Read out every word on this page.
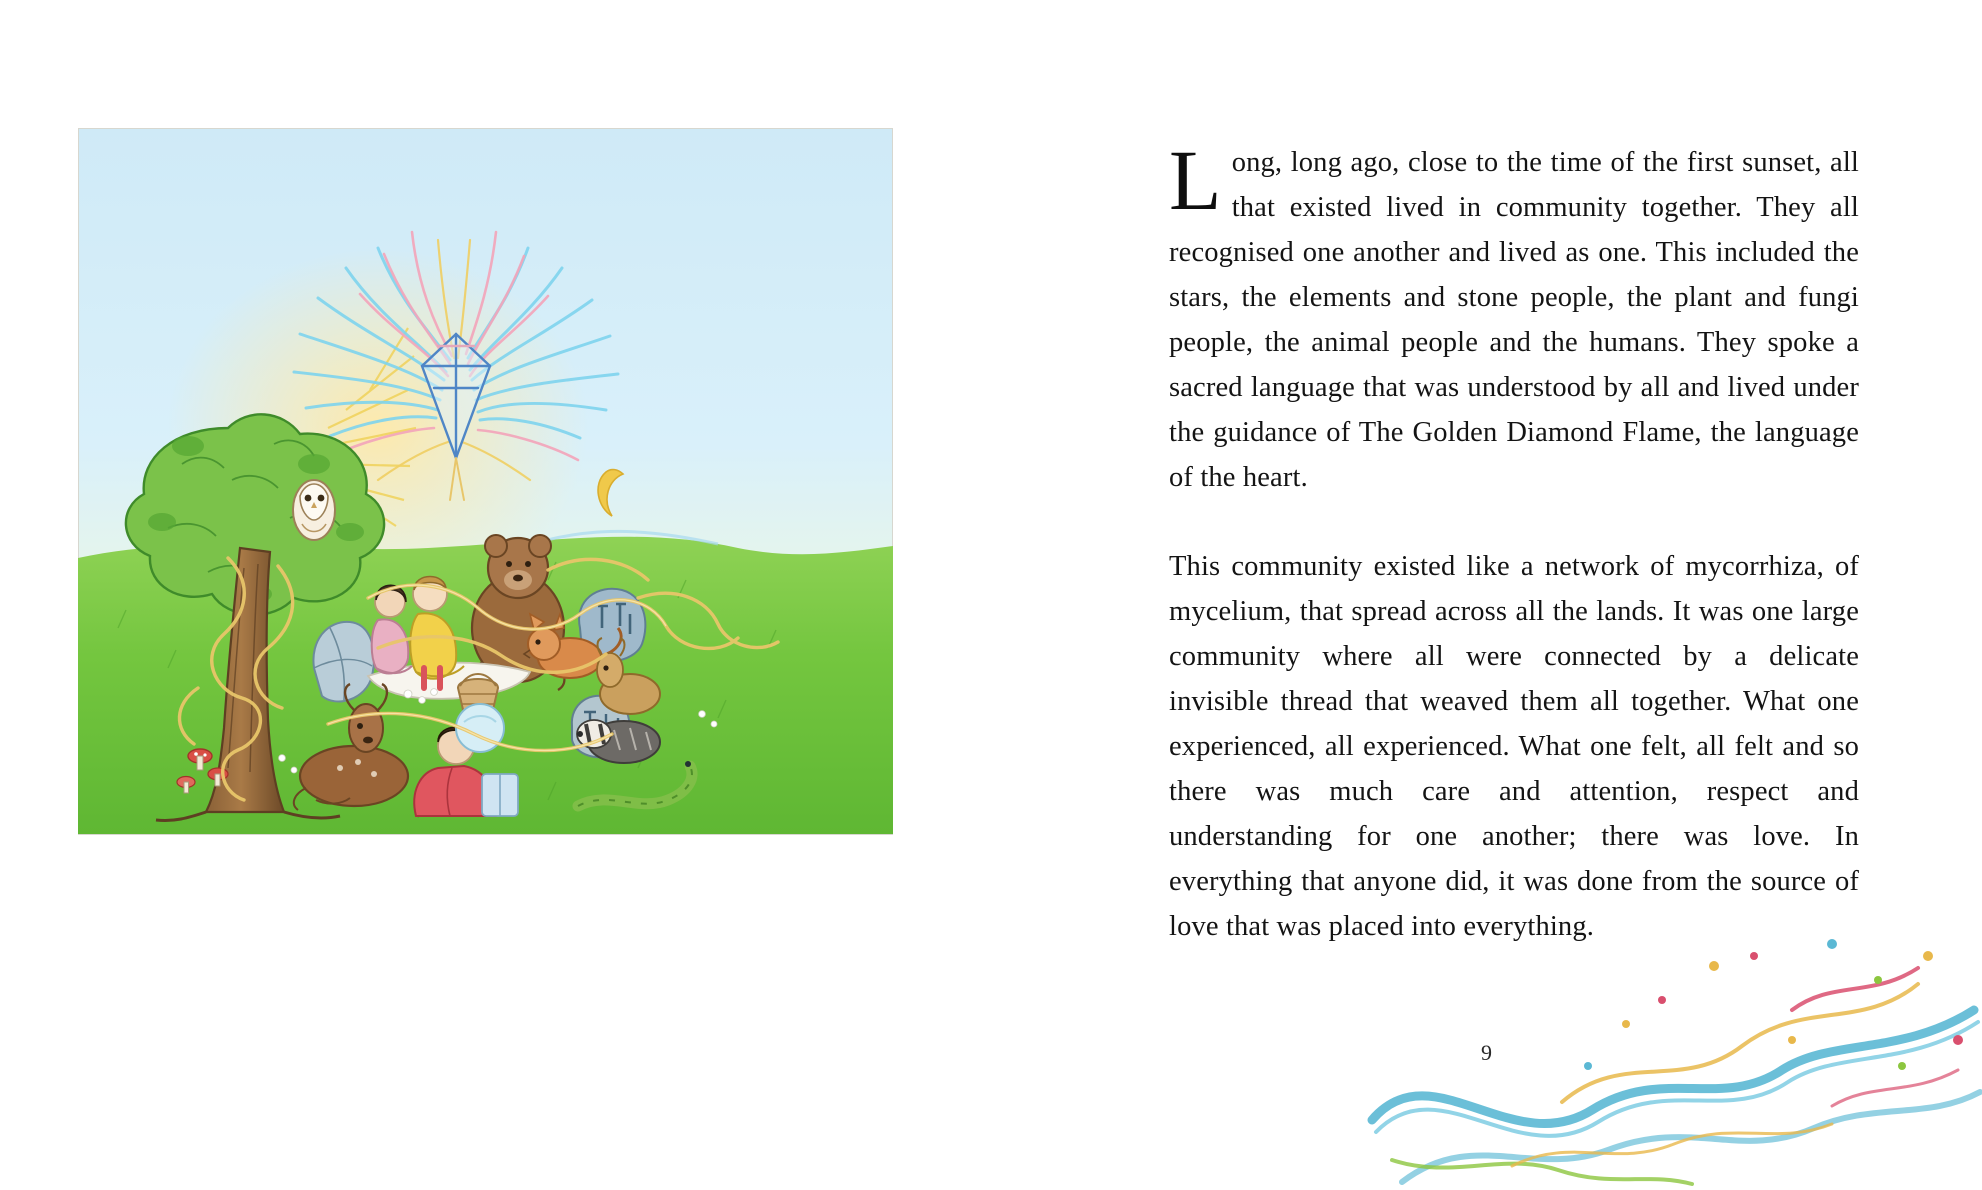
Long, long ago, close to the time of the first sunset, all that existed lived in community together. They all recognised one another and lived as one. This included the stars, the elements and stone people, the plant and fungi people, the animal people and the humans. They spoke a sacred language that was understood by all and lived under the guidance of The Golden Diamond Flame, the language of the heart.

This community existed like a network of mycorrhiza, of mycelium, that spread across all the lands. It was one large community where all were connected by a delicate invisible thread that weaved them all together. What one experienced, all experienced. What one felt, all felt and so there was much care and attention, respect and understanding for one another; there was love. In everything that anyone did, it was done from the source of love that was placed into everything.

9
